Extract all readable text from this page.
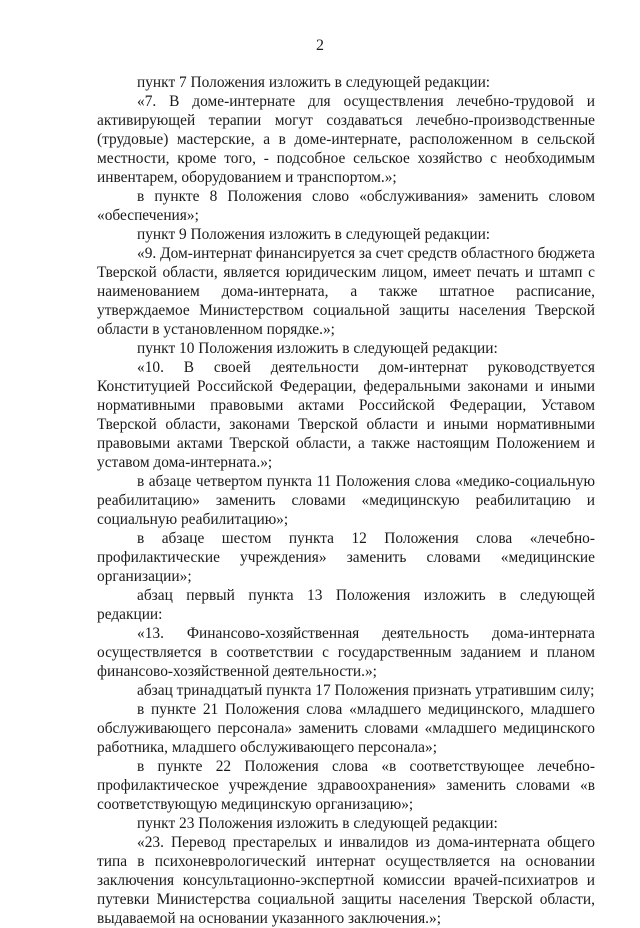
2

пункт 7 Положения изложить в следующей редакции:

«7. В доме-интернате для осуществления лечебно-трудовой и активирующей терапии могут создаваться лечебно-производственные (трудовые) мастерские, а в доме-интернате, расположенном в сельской местности, кроме того, - подсобное сельское хозяйство с необходимым инвентарем, оборудованием и транспортом.»;

в пункте 8 Положения слово «обслуживания» заменить словом «обеспечения»;

пункт 9 Положения изложить в следующей редакции:

«9. Дом-интернат финансируется за счет средств областного бюджета Тверской области, является юридическим лицом, имеет печать и штамп с наименованием дома-интерната, а также штатное расписание, утверждаемое Министерством социальной защиты населения Тверской области в установленном порядке.»;

пункт 10 Положения изложить в следующей редакции:

«10. В своей деятельности дом-интернат руководствуется Конституцией Российской Федерации, федеральными законами и иными нормативными правовыми актами Российской Федерации, Уставом Тверской области, законами Тверской области и иными нормативными правовыми актами Тверской области, а также настоящим Положением и уставом дома-интерната.»;

в абзаце четвертом пункта 11 Положения слова «медико-социальную реабилитацию» заменить словами «медицинскую реабилитацию и социальную реабилитацию»;

в абзаце шестом пункта 12 Положения слова «лечебно-профилактические учреждения» заменить словами «медицинские организации»;

абзац первый пункта 13 Положения изложить в следующей редакции:

«13. Финансово-хозяйственная деятельность дома-интерната осуществляется в соответствии с государственным заданием и планом финансово-хозяйственной деятельности.»;

абзац тринадцатый пункта 17 Положения признать утратившим силу;

в пункте 21 Положения слова «младшего медицинского, младшего обслуживающего персонала» заменить словами «младшего медицинского работника, младшего обслуживающего персонала»;

в пункте 22 Положения слова «в соответствующее лечебно-профилактическое учреждение здравоохранения» заменить словами «в соответствующую медицинскую организацию»;

пункт 23 Положения изложить в следующей редакции:

«23. Перевод престарелых и инвалидов из дома-интерната общего типа в психоневрологический интернат осуществляется на основании заключения консультационно-экспертной комиссии врачей-психиатров и путевки Министерства социальной защиты населения Тверской области, выдаваемой на основании указанного заключения.»;
